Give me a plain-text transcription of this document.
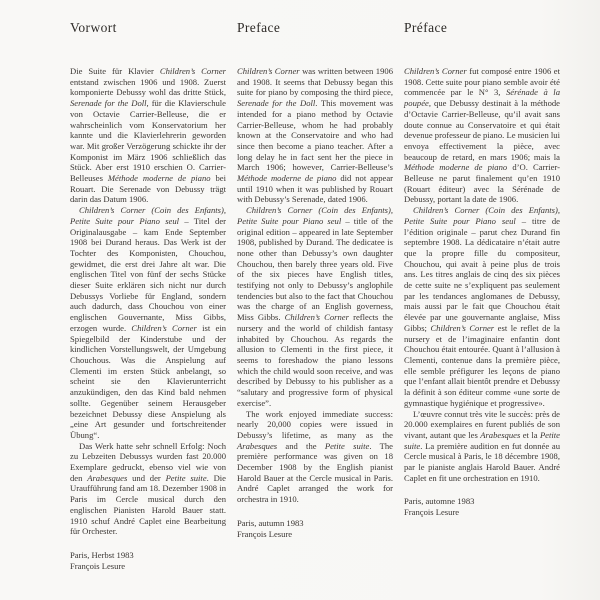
Vorwort

Die Suite für Klavier Children’s Corner entstand zwischen 1906 und 1908. Zuerst komponierte Debussy wohl das dritte Stück, Serenade for the Doll, für die Klavierschule von Octavie Carrier-Belleuse, die er wahrscheinlich vom Konservatorium her kannte und die Klavierlehrerin geworden war. Mit großer Verzögerung schickte ihr der Komponist im März 1906 schließlich das Stück. Aber erst 1910 erschien O. Carrier-Belleuses Méthode moderne de piano bei Rouart. Die Serenade von Debussy trägt darin das Datum 1906.

Children’s Corner (Coin des Enfants), Petite Suite pour Piano seul – Titel der Originalausgabe – kam Ende September 1908 bei Durand heraus. Das Werk ist der Tochter des Komponisten, Chouchou, gewidmet, die erst drei Jahre alt war. Die englischen Titel von fünf der sechs Stücke dieser Suite erklären sich nicht nur durch Debussys Vorliebe für England, sondern auch dadurch, dass Chouchou von einer englischen Gouvernante, Miss Gibbs, erzogen wurde. Children’s Corner ist ein Spiegelbild der Kinderstube und der kindlichen Vorstellungswelt, der Umgebung Chouchous. Was die Anspielung auf Clementi im ersten Stück anbelangt, so scheint sie den Klavierunterricht anzukündigen, den das Kind bald nehmen sollte. Gegenüber seinem Herausgeber bezeichnet Debussy diese Anspielung als „eine Art gesunder und fortschreitender Übung“.

Das Werk hatte sehr schnell Erfolg: Noch zu Lebzeiten Debussys wurden fast 20.000 Exemplare gedruckt, ebenso viel wie von den Arabesques und der Petite suite. Die Uraufführung fand am 18. Dezember 1908 in Paris im Cercle musical durch den englischen Pianisten Harold Bauer statt. 1910 schuf André Caplet eine Bearbeitung für Orchester.

Paris, Herbst 1983
François Lesure
Preface

Children’s Corner was written between 1906 and 1908. It seems that Debussy began this suite for piano by composing the third piece, Serenade for the Doll. This movement was intended for a piano method by Octavie Carrier-Belleuse, whom he had probably known at the Conservatoire and who had since then become a piano teacher. After a long delay he in fact sent her the piece in March 1906; however, Carrier-Belleuse’s Méthode moderne de piano did not appear until 1910 when it was published by Rouart with Debussy’s Serenade, dated 1906.

Children’s Corner (Coin des Enfants), Petite Suite pour Piano seul – title of the original edition – appeared in late September 1908, published by Durand. The dedicatee is none other than Debussy’s own daughter Chouchou, then barely three years old. Five of the six pieces have English titles, testifying not only to Debussy’s anglophile tendencies but also to the fact that Chouchou was the charge of an English governess, Miss Gibbs. Children’s Corner reflects the nursery and the world of childish fantasy inhabited by Chouchou. As regards the allusion to Clementi in the first piece, it seems to foreshadow the piano lessons which the child would soon receive, and was described by Debussy to his publisher as a “salutary and progressive form of physical exercise”.

The work enjoyed immediate success: nearly 20,000 copies were issued in Debussy’s lifetime, as many as the Arabesques and the Petite suite. The première performance was given on 18 December 1908 by the English pianist Harold Bauer at the Cercle musical in Paris. André Caplet arranged the work for orchestra in 1910.

Paris, autumn 1983
François Lesure
Préface

Children’s Corner fut composé entre 1906 et 1908. Cette suite pour piano semble avoir été commencée par le N° 3, Sérénade à la poupée, que Debussy destinait à la méthode d’Octavie Carrier-Belleuse, qu’il avait sans doute connue au Conservatoire et qui était devenue professeur de piano. Le musicien lui envoya effectivement la pièce, avec beaucoup de retard, en mars 1906; mais la Méthode moderne de piano d’O. Carrier-Belleuse ne parut finalement qu’en 1910 (Rouart éditeur) avec la Sérénade de Debussy, portant la date de 1906.

Children’s Corner (Coin des Enfants), Petite Suite pour Piano seul – titre de l’édition originale – parut chez Durand fin septembre 1908. La dédicataire n’était autre que la propre fille du compositeur, Chouchou, qui avait à peine plus de trois ans. Les titres anglais de cinq des six pièces de cette suite ne s’expliquent pas seulement par les tendances anglomanes de Debussy, mais aussi par le fait que Chouchou était élevée par une gouvernante anglaise, Miss Gibbs; Children’s Corner est le reflet de la nursery et de l’imaginaire enfantin dont Chouchou était entourée. Quant à l’allusion à Clementi, contenue dans la première pièce, elle semble préfigurer les leçons de piano que l’enfant allait bientôt prendre et Debussy la définit à son éditeur comme «une sorte de gymnastique hygiénique et progressive».

L’œuvre connut très vite le succès: près de 20.000 exemplaires en furent publiés de son vivant, autant que les Arabesques et la Petite suite. La première audition en fut donnée au Cercle musical à Paris, le 18 décembre 1908, par le pianiste anglais Harold Bauer. André Caplet en fit une orchestration en 1910.

Paris, automne 1983
François Lesure
